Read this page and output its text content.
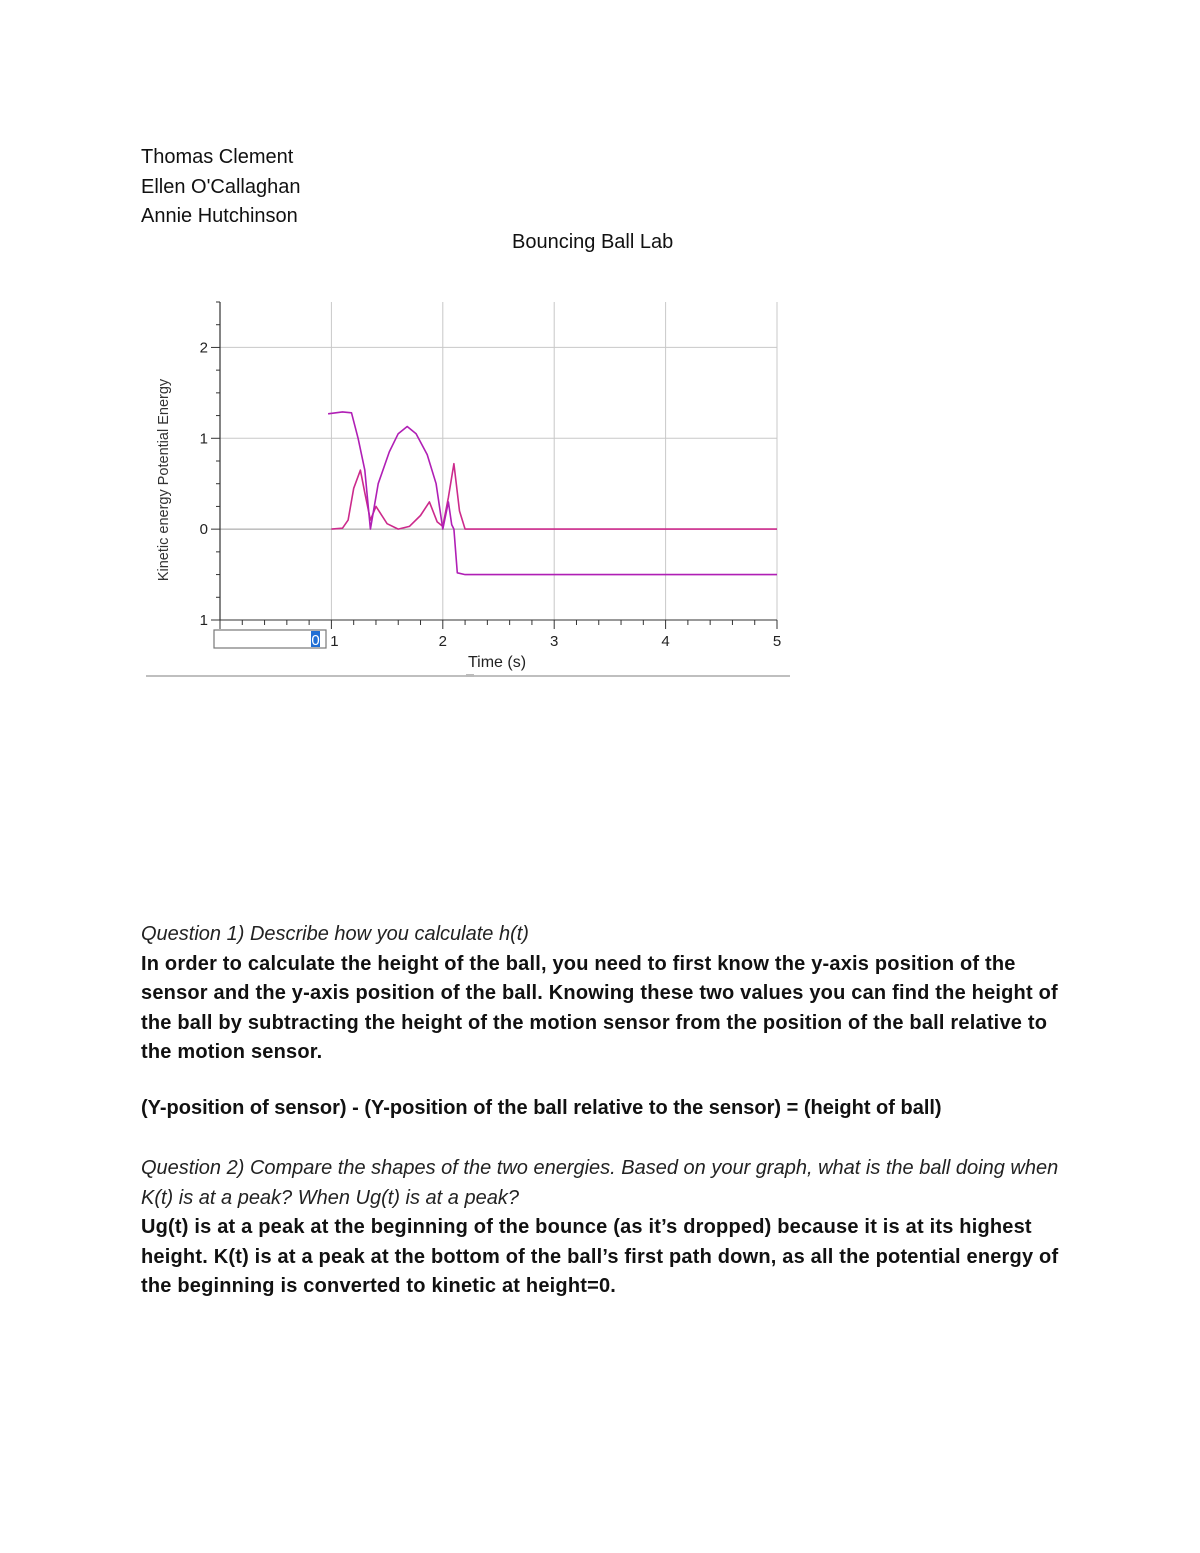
Thomas Clement
Ellen O'Callaghan
Annie Hutchinson
Bouncing Ball Lab
2
1
0
1
1	2	3	4	5
0
Time (s)
Kinetic energy Potential Energy
Question 1) Describe how you calculate h(t)
In order to calculate the height of the ball, you need to first know the y-axis position of the sensor and the y-axis position of the ball. Knowing these two values you can find the height of the ball by subtracting the height of the motion sensor from the position of the ball relative to the motion sensor.
(Y-position of sensor) - (Y-position of the ball relative to the sensor) = (height of ball)
Question 2) Compare the shapes of the two energies. Based on your graph, what is the ball doing when K(t) is at a peak? When Ug(t) is at a peak?
Ug(t) is at a peak at the beginning of the bounce (as it’s dropped) because it is at its highest height. K(t) is at a peak at the bottom of the ball’s first path down, as all the potential energy of the beginning is converted to kinetic at height=0.
